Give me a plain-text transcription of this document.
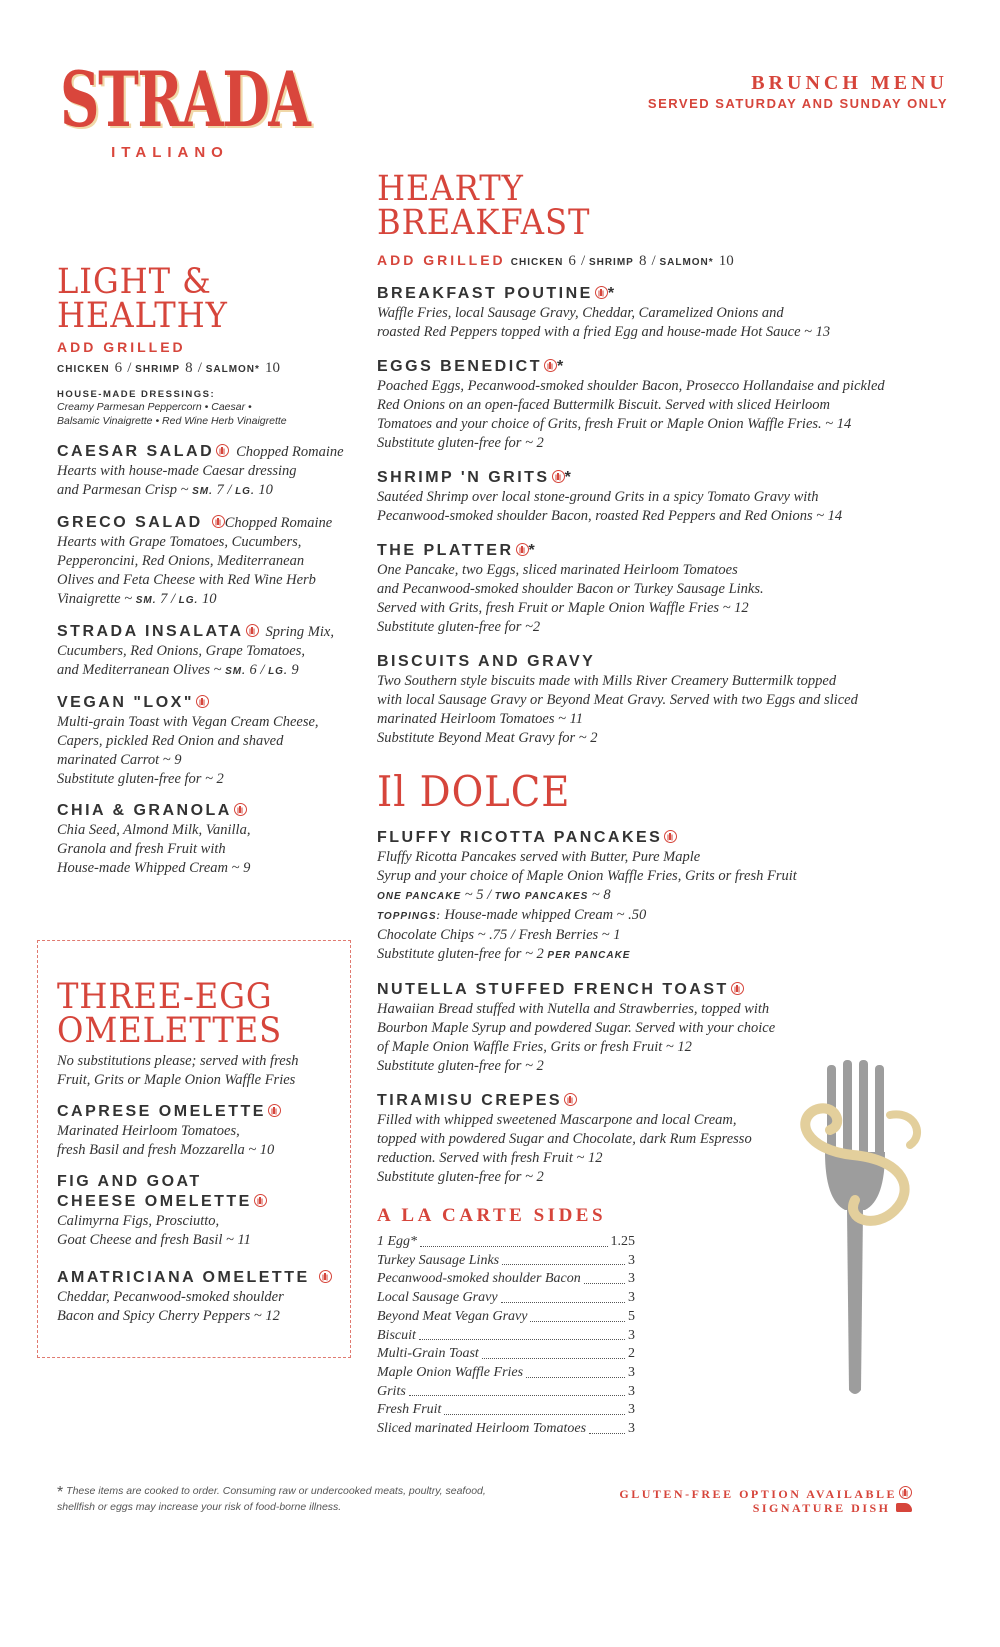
STRADA
ITALIANO
BRUNCH MENU
SERVED SATURDAY AND SUNDAY ONLY
LIGHT &
HEALTHY
ADD GRILLED
CHICKEN 6 / SHRIMP 8 / SALMON* 10
HOUSE-MADE DRESSINGS:
Creamy Parmesan Peppercorn • Caesar •
Balsamic Vinaigrette • Red Wine Herb Vinaigrette
CAESAR SALAD Chopped Romaine
Hearts with house-made Caesar dressing
and Parmesan Crisp ~ SM. 7 / LG. 10
GRECO SALAD Chopped Romaine
Hearts with Grape Tomatoes, Cucumbers,
Pepperoncini, Red Onions, Mediterranean
Olives and Feta Cheese with Red Wine Herb
Vinaigrette ~ SM. 7 / LG. 10
STRADA INSALATA Spring Mix,
Cucumbers, Red Onions, Grape Tomatoes,
and Mediterranean Olives ~ SM. 6 / LG. 9
VEGAN "LOX"
Multi-grain Toast with Vegan Cream Cheese,
Capers, pickled Red Onion and shaved
marinated Carrot ~ 9
Substitute gluten-free for ~ 2
CHIA & GRANOLA
Chia Seed, Almond Milk, Vanilla,
Granola and fresh Fruit with
House-made Whipped Cream ~ 9
THREE-EGG
OMELETTES
No substitutions please; served with fresh
Fruit, Grits or Maple Onion Waffle Fries
CAPRESE OMELETTE
Marinated Heirloom Tomatoes,
fresh Basil and fresh Mozzarella ~ 10
FIG AND GOAT
CHEESE OMELETTE
Calimyrna Figs, Prosciutto,
Goat Cheese and fresh Basil ~ 11
AMATRICIANA OMELETTE
Cheddar, Pecanwood-smoked shoulder
Bacon and Spicy Cherry Peppers ~ 12
HEARTY
BREAKFAST
ADD GRILLED CHICKEN 6 / SHRIMP 8 / SALMON* 10
BREAKFAST POUTINE *
Waffle Fries, local Sausage Gravy, Cheddar, Caramelized Onions and
roasted Red Peppers topped with a fried Egg and house-made Hot Sauce ~ 13
EGGS BENEDICT *
Poached Eggs, Pecanwood-smoked shoulder Bacon, Prosecco Hollandaise and pickled
Red Onions on an open-faced Buttermilk Biscuit. Served with sliced Heirloom
Tomatoes and your choice of Grits, fresh Fruit or Maple Onion Waffle Fries. ~ 14
Substitute gluten-free for ~ 2
SHRIMP 'N GRITS *
Sautéed Shrimp over local stone-ground Grits in a spicy Tomato Gravy with
Pecanwood-smoked shoulder Bacon, roasted Red Peppers and Red Onions ~ 14
THE PLATTER *
One Pancake, two Eggs, sliced marinated Heirloom Tomatoes
and Pecanwood-smoked shoulder Bacon or Turkey Sausage Links.
Served with Grits, fresh Fruit or Maple Onion Waffle Fries ~ 12
Substitute gluten-free for ~2
BISCUITS AND GRAVY
Two Southern style biscuits made with Mills River Creamery Buttermilk topped
with local Sausage Gravy or Beyond Meat Gravy. Served with two Eggs and sliced
marinated Heirloom Tomatoes ~ 11
Substitute Beyond Meat Gravy for ~ 2
Il DOLCE
FLUFFY RICOTTA PANCAKES
Fluffy Ricotta Pancakes served with Butter, Pure Maple
Syrup and your choice of Maple Onion Waffle Fries, Grits or fresh Fruit
ONE PANCAKE ~ 5 / TWO PANCAKES ~ 8
TOPPINGS: House-made whipped Cream ~ .50
Chocolate Chips ~ .75 / Fresh Berries ~ 1
Substitute gluten-free for ~ 2 PER PANCAKE
NUTELLA STUFFED FRENCH TOAST
Hawaiian Bread stuffed with Nutella and Strawberries, topped with
Bourbon Maple Syrup and powdered Sugar. Served with your choice
of Maple Onion Waffle Fries, Grits or fresh Fruit ~ 12
Substitute gluten-free for ~ 2
TIRAMISU CREPES
Filled with whipped sweetened Mascarpone and local Cream,
topped with powdered Sugar and Chocolate, dark Rum Espresso
reduction. Served with fresh Fruit ~ 12
Substitute gluten-free for ~ 2
A LA CARTE SIDES
1 Egg*	1.25
Turkey Sausage Links	3
Pecanwood-smoked shoulder Bacon	3
Local Sausage Gravy	3
Beyond Meat Vegan Gravy	5
Biscuit	3
Multi-Grain Toast	2
Maple Onion Waffle Fries	3
Grits	3
Fresh Fruit	3
Sliced marinated Heirloom Tomatoes	3
* These items are cooked to order. Consuming raw or undercooked meats, poultry, seafood,
shellfish or eggs may increase your risk of food-borne illness.
GLUTEN-FREE OPTION AVAILABLE
SIGNATURE DISH
